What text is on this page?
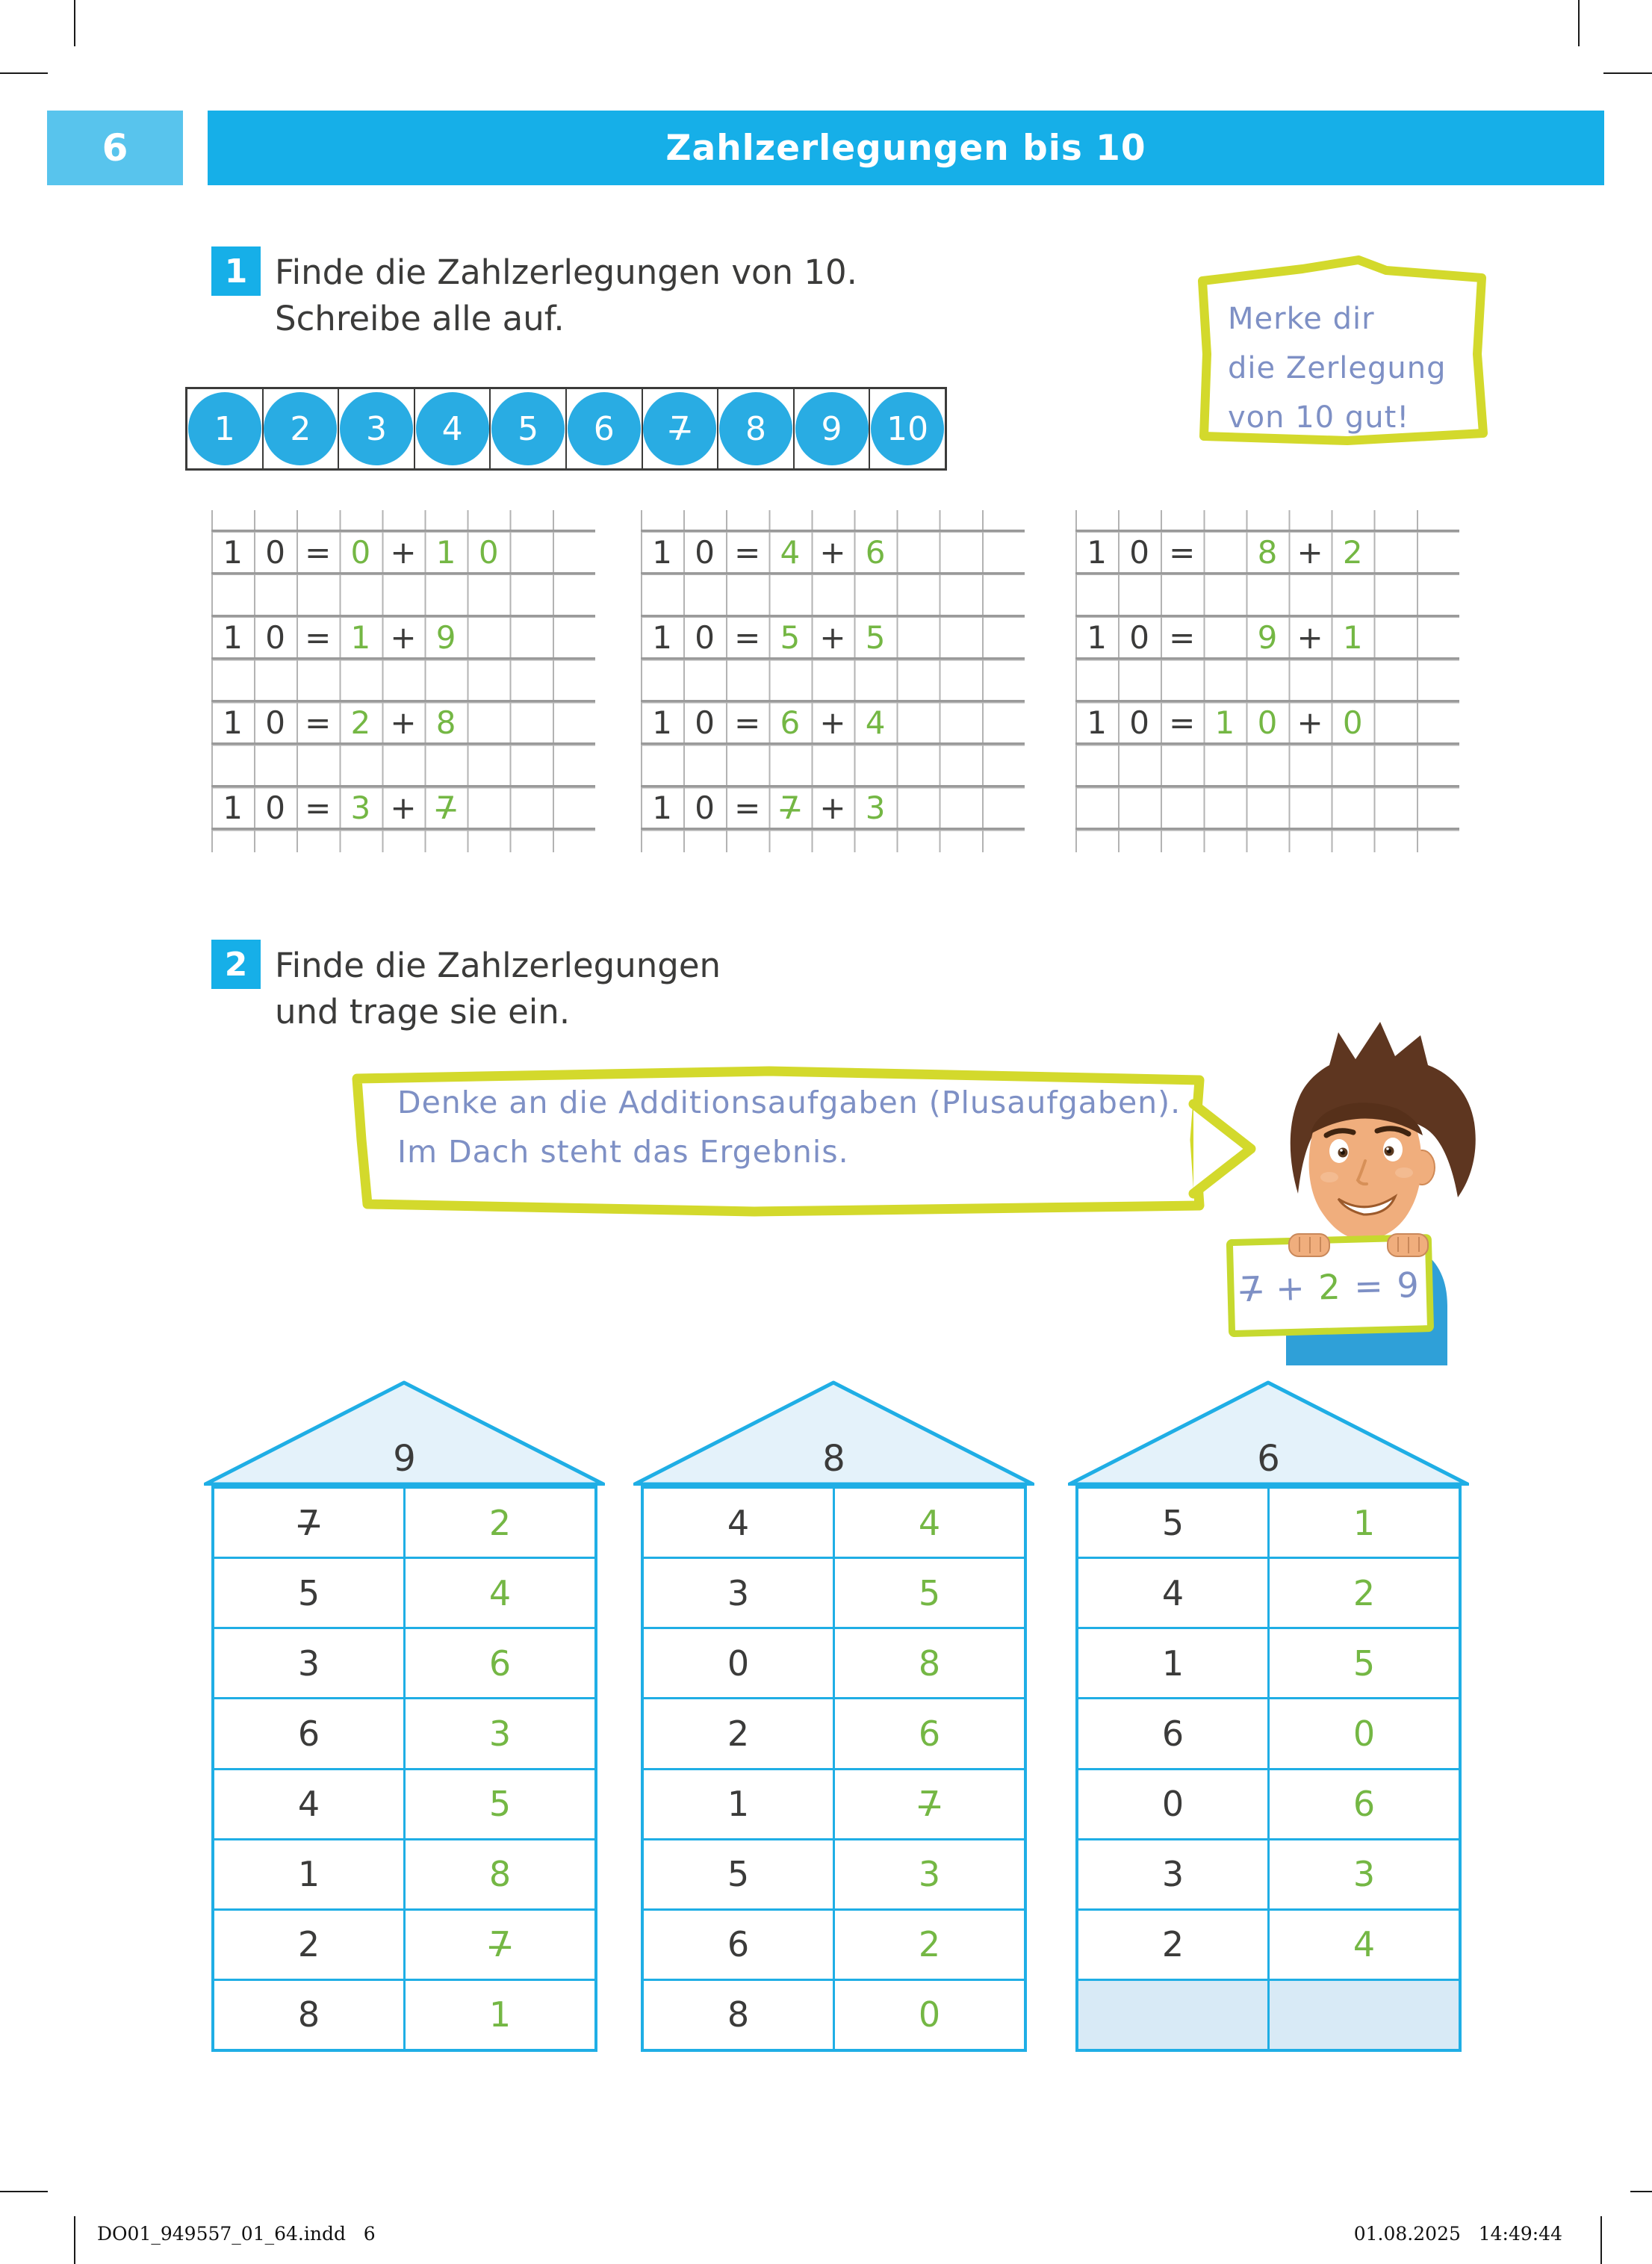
6	Zahlzerlegungen bis 10
1 Finde die Zahlzerlegungen von 10.
Schreibe alle auf.	Merke dir
die Zerlegung
von 10 gut!
1	2	3	4	5	6	7̶	8	9	10
1 0 = 0 + 1 0
1 0 = 1 + 9
1 0 = 2 + 8
1 0 = 3 + 7̶
1 0 = 4 + 6
1 0 = 5 + 5
1 0 = 6 + 4
1 0 = 7̶ + 3
1 0 =	8 + 2
1 0 =	9 + 1
1 0 = 1 0 + 0
2 Finde die Zahlzerlegungen
und trage sie ein.
Denke an die Additionsaufgaben (Plusaufgaben).
Im Dach steht das Ergebnis.
7̶ + 2 = 9
9
7̶	2
5	4
3	6
6	3
4	5
1	8
2	7̶
8	1
8
4	4
3	5
0	8
2	6
1	7̶
5	3
6	2
8	0
6
5	1
4	2
1	5
6	0
0	6
3	3
2	4
DO01_949557_01_64.indd   6	01.08.2025   14:49:44
